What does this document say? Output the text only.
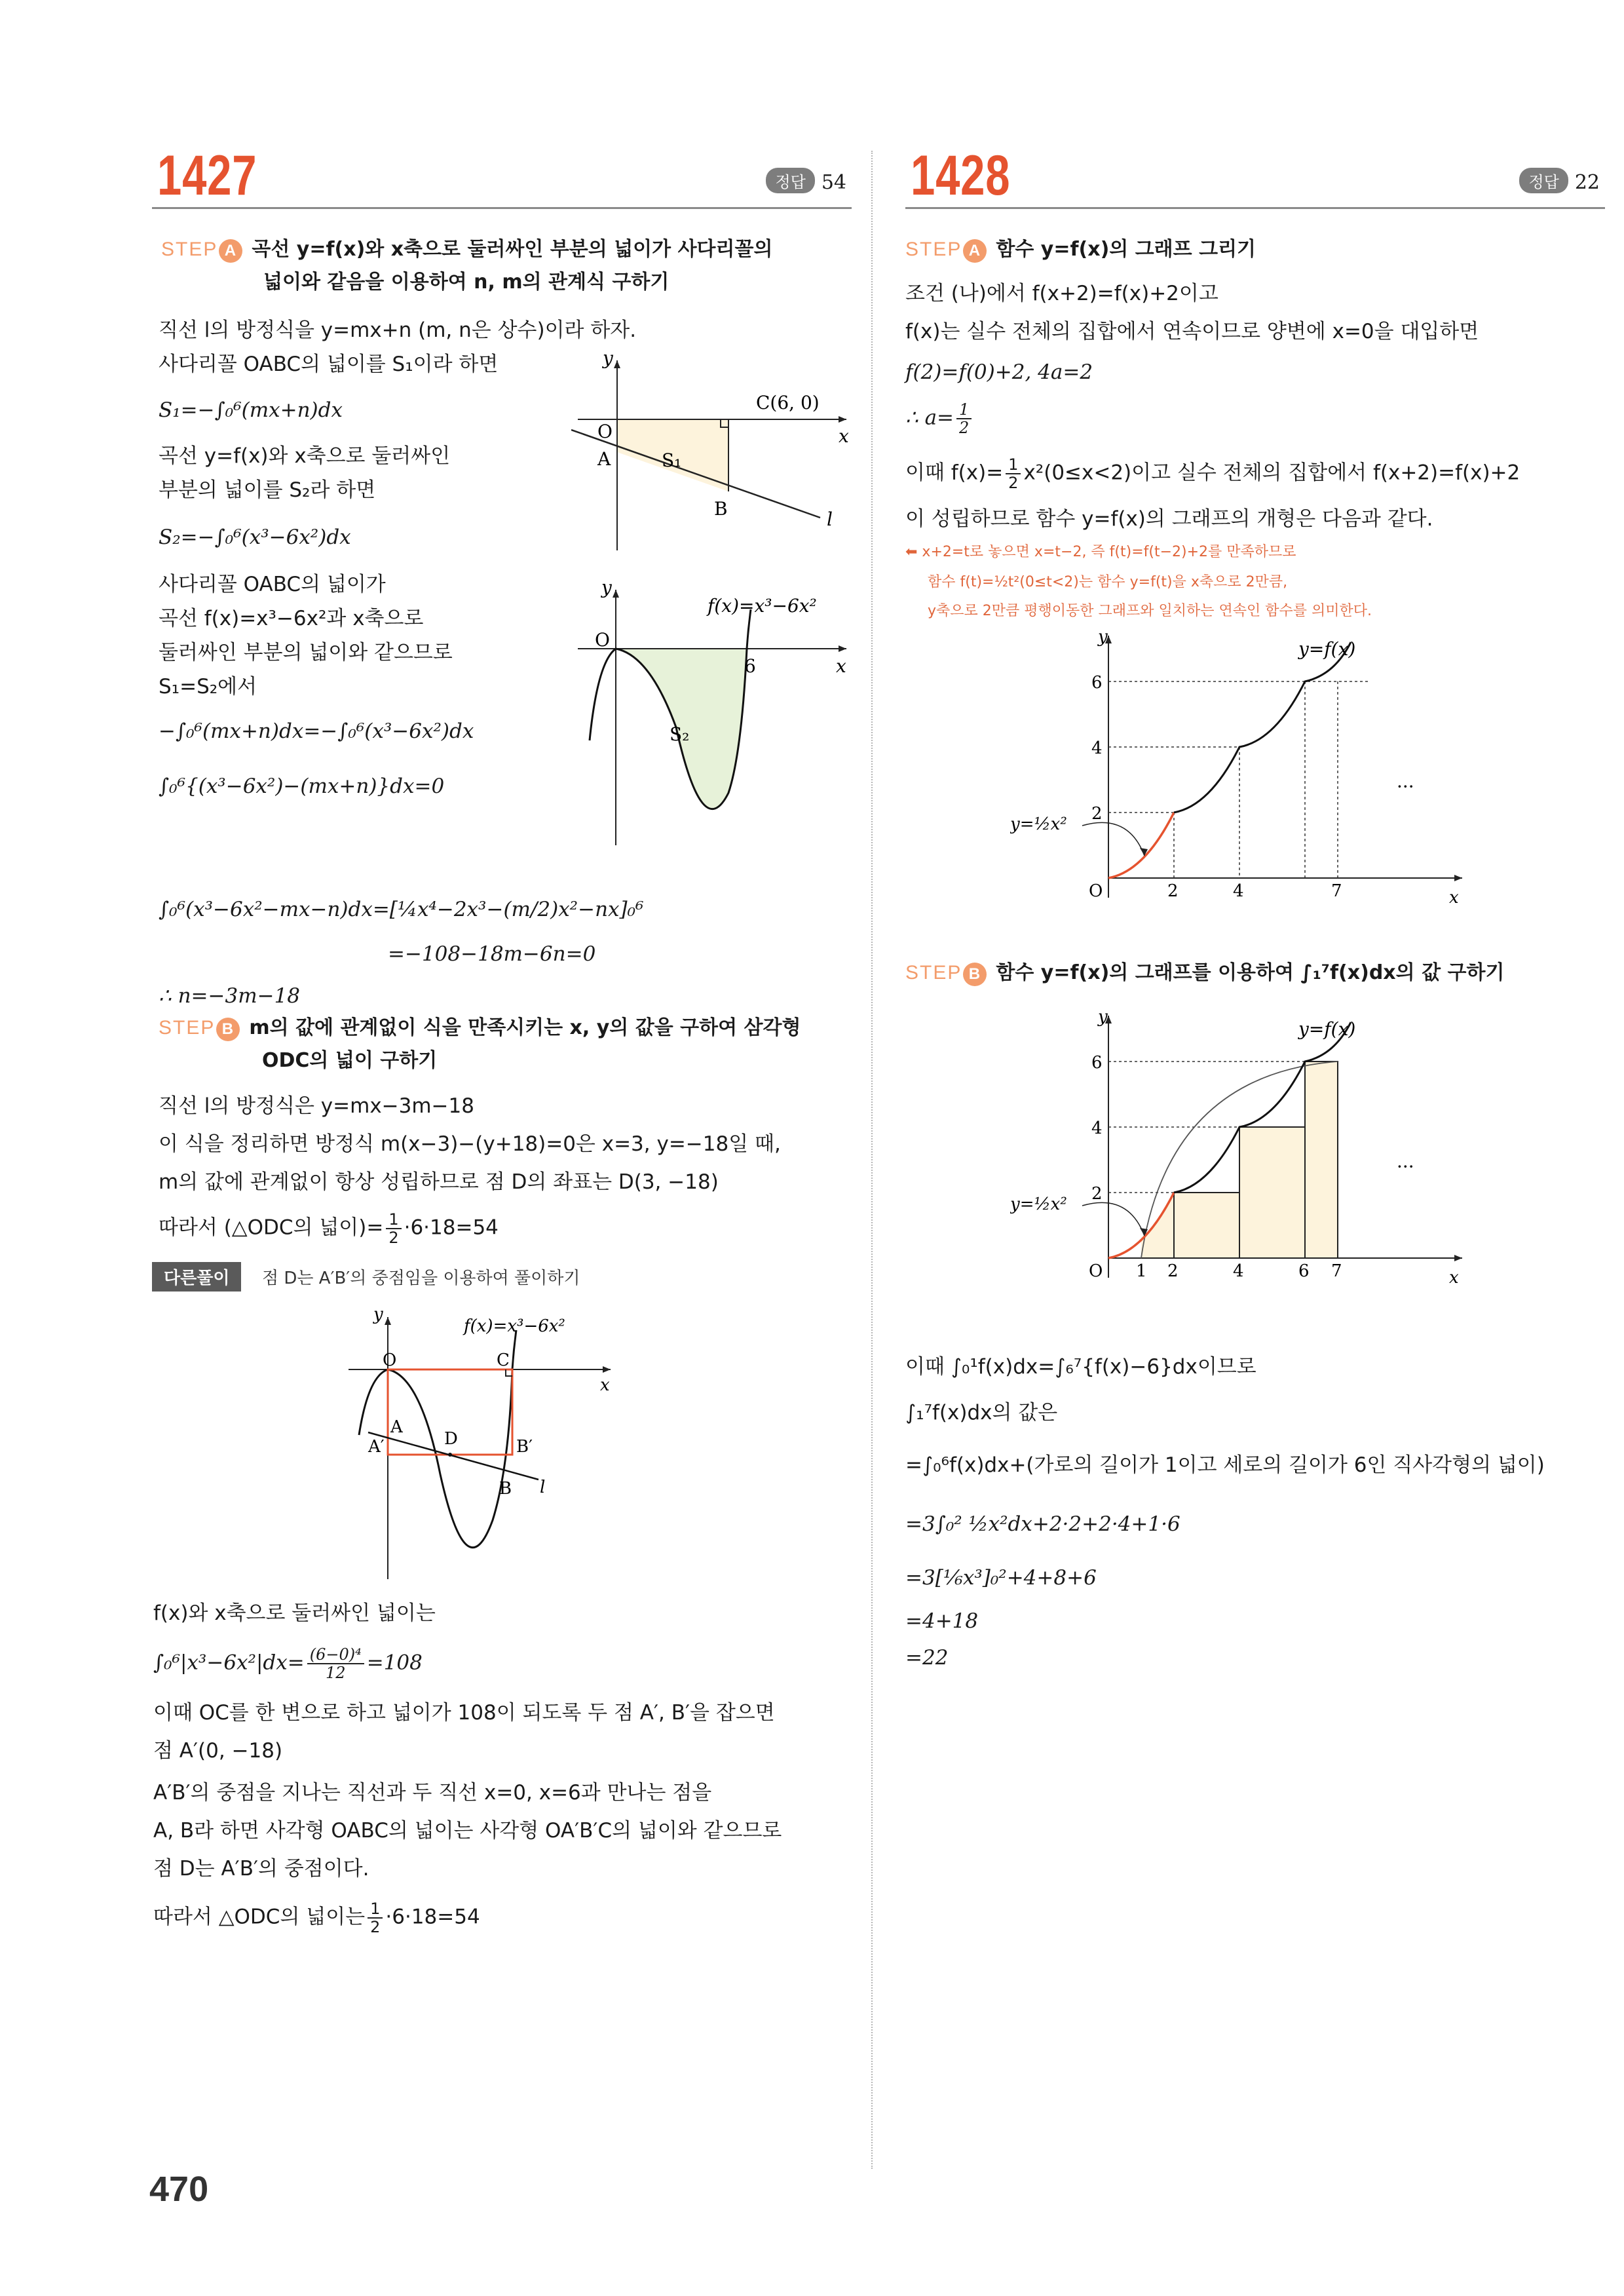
1427	정답 54
STEP A 곡선 y=f(x)와 x축으로 둘러싸인 부분의 넓이가 사다리꼴의
넓이와 같음을 이용하여 n, m의 관계식 구하기
직선 l의 방정식을 y=mx+n (m, n은 상수)이라 하자.
사다리꼴 OABC의 넓이를 S₁이라 하면
S₁=−∫₀⁶(mx+n)dx
곡선 y=f(x)와 x축으로 둘러싸인
부분의 넓이를 S₂라 하면
S₂=−∫₀⁶(x³−6x²)dx
사다리꼴 OABC의 넓이가
곡선 f(x)=x³−6x²과 x축으로
둘러싸인 부분의 넓이와 같으므로
S₁=S₂에서
−∫₀⁶(mx+n)dx=−∫₀⁶(x³−6x²)dx
∫₀⁶{(x³−6x²)−(mx+n)}dx=0
∫₀⁶(x³−6x²−mx−n)dx=[¼x⁴−2x³−(m/2)x²−nx]₀⁶
=−108−18m−6n=0
∴ n=−3m−18
y
x
O
C(6, 0)
S₁
A
B	l
y
x
O
6
S₂
f(x)=x³−6x²
STEP B m의 값에 관계없이 식을 만족시키는 x, y의 값을 구하여 삼각형
ODC의 넓이 구하기
직선 l의 방정식은 y=mx−3m−18
이 식을 정리하면 방정식 m(x−3)−(y+18)=0은 x=3, y=−18일 때,
m의 값에 관계없이 항상 성립하므로 점 D의 좌표는 D(3, −18)
따라서 (△ODC의 넓이)= $\frac{1}{2} \cdot 6\cdot 18=54$
다른풀이	점 D는 A′B′의 중점임을 이용하여 풀이하기
y
x
O	C
A
A′	D	B′
B l
f(x)=x³−6x²
f(x)와 x축으로 둘러싸인 넓이는
$\int_0^6|x^3-6x^2|dx= \frac{\text{(6−0)⁴}}{12} =108$
이때 OC를 한 변으로 하고 넓이가 108이 되도록 두 점 A′, B′을 잡으면
점 A′(0, −18)
A′B′의 중점을 지나는 직선과 두 직선 x=0, x=6과 만나는 점을
A, B라 하면 사각형 OABC의 넓이는 사각형 OA′B′C의 넓이와 같으므로
점 D는 A′B′의 중점이다.
따라서 △ODC의 넓이는 $\frac{1}{2} \cdot 6\cdot 18=54$
1428	정답 22
STEP A 함수 y=f(x)의 그래프 그리기
조건 (나)에서 f(x+2)=f(x)+2이고
f(x)는 실수 전체의 집합에서 연속이므로 양변에 x=0을 대입하면
f(2)=f(0)+2, 4a=2
∴ $a= \frac{1}{2}$
이때 $f(x)= \frac{1}{2} x^2(0\le x<2)$이고 실수 전체의 집합에서 f(x+2)=f(x)+2
이 성립하므로 함수 y=f(x)의 그래프의 개형은 다음과 같다.
⬅ x+2=t로 놓으면 x=t−2, 즉 f(t)=f(t−2)+2를 만족하므로
함수 f(t)=½t²(0≤t<2)는 함수 y=f(t)을 x축으로 2만큼,
y축으로 2만큼 평행이동한 그래프와 일치하는 연속인 함수를 의미한다.
y
x
O	2	4	7
2
4
6
y=f(x)
y=½x²
···
STEP B 함수 y=f(x)의 그래프를 이용하여 ∫₁⁷f(x)dx의 값 구하기
y
x
O 1 2	4	6 7
2
4
6
y=f(x)
y=½x²
···
이때 ∫₀¹f(x)dx=∫₆⁷{f(x)−6}dx이므로
∫₁⁷f(x)dx의 값은
=∫₀⁶f(x)dx+(가로의 길이가 1이고 세로의 길이가 6인 직사각형의 넓이)
=3∫₀² ½x²dx+2·2+2·4+1·6
=3[⅙x³]₀²+4+8+6
=4+18
=22
470
